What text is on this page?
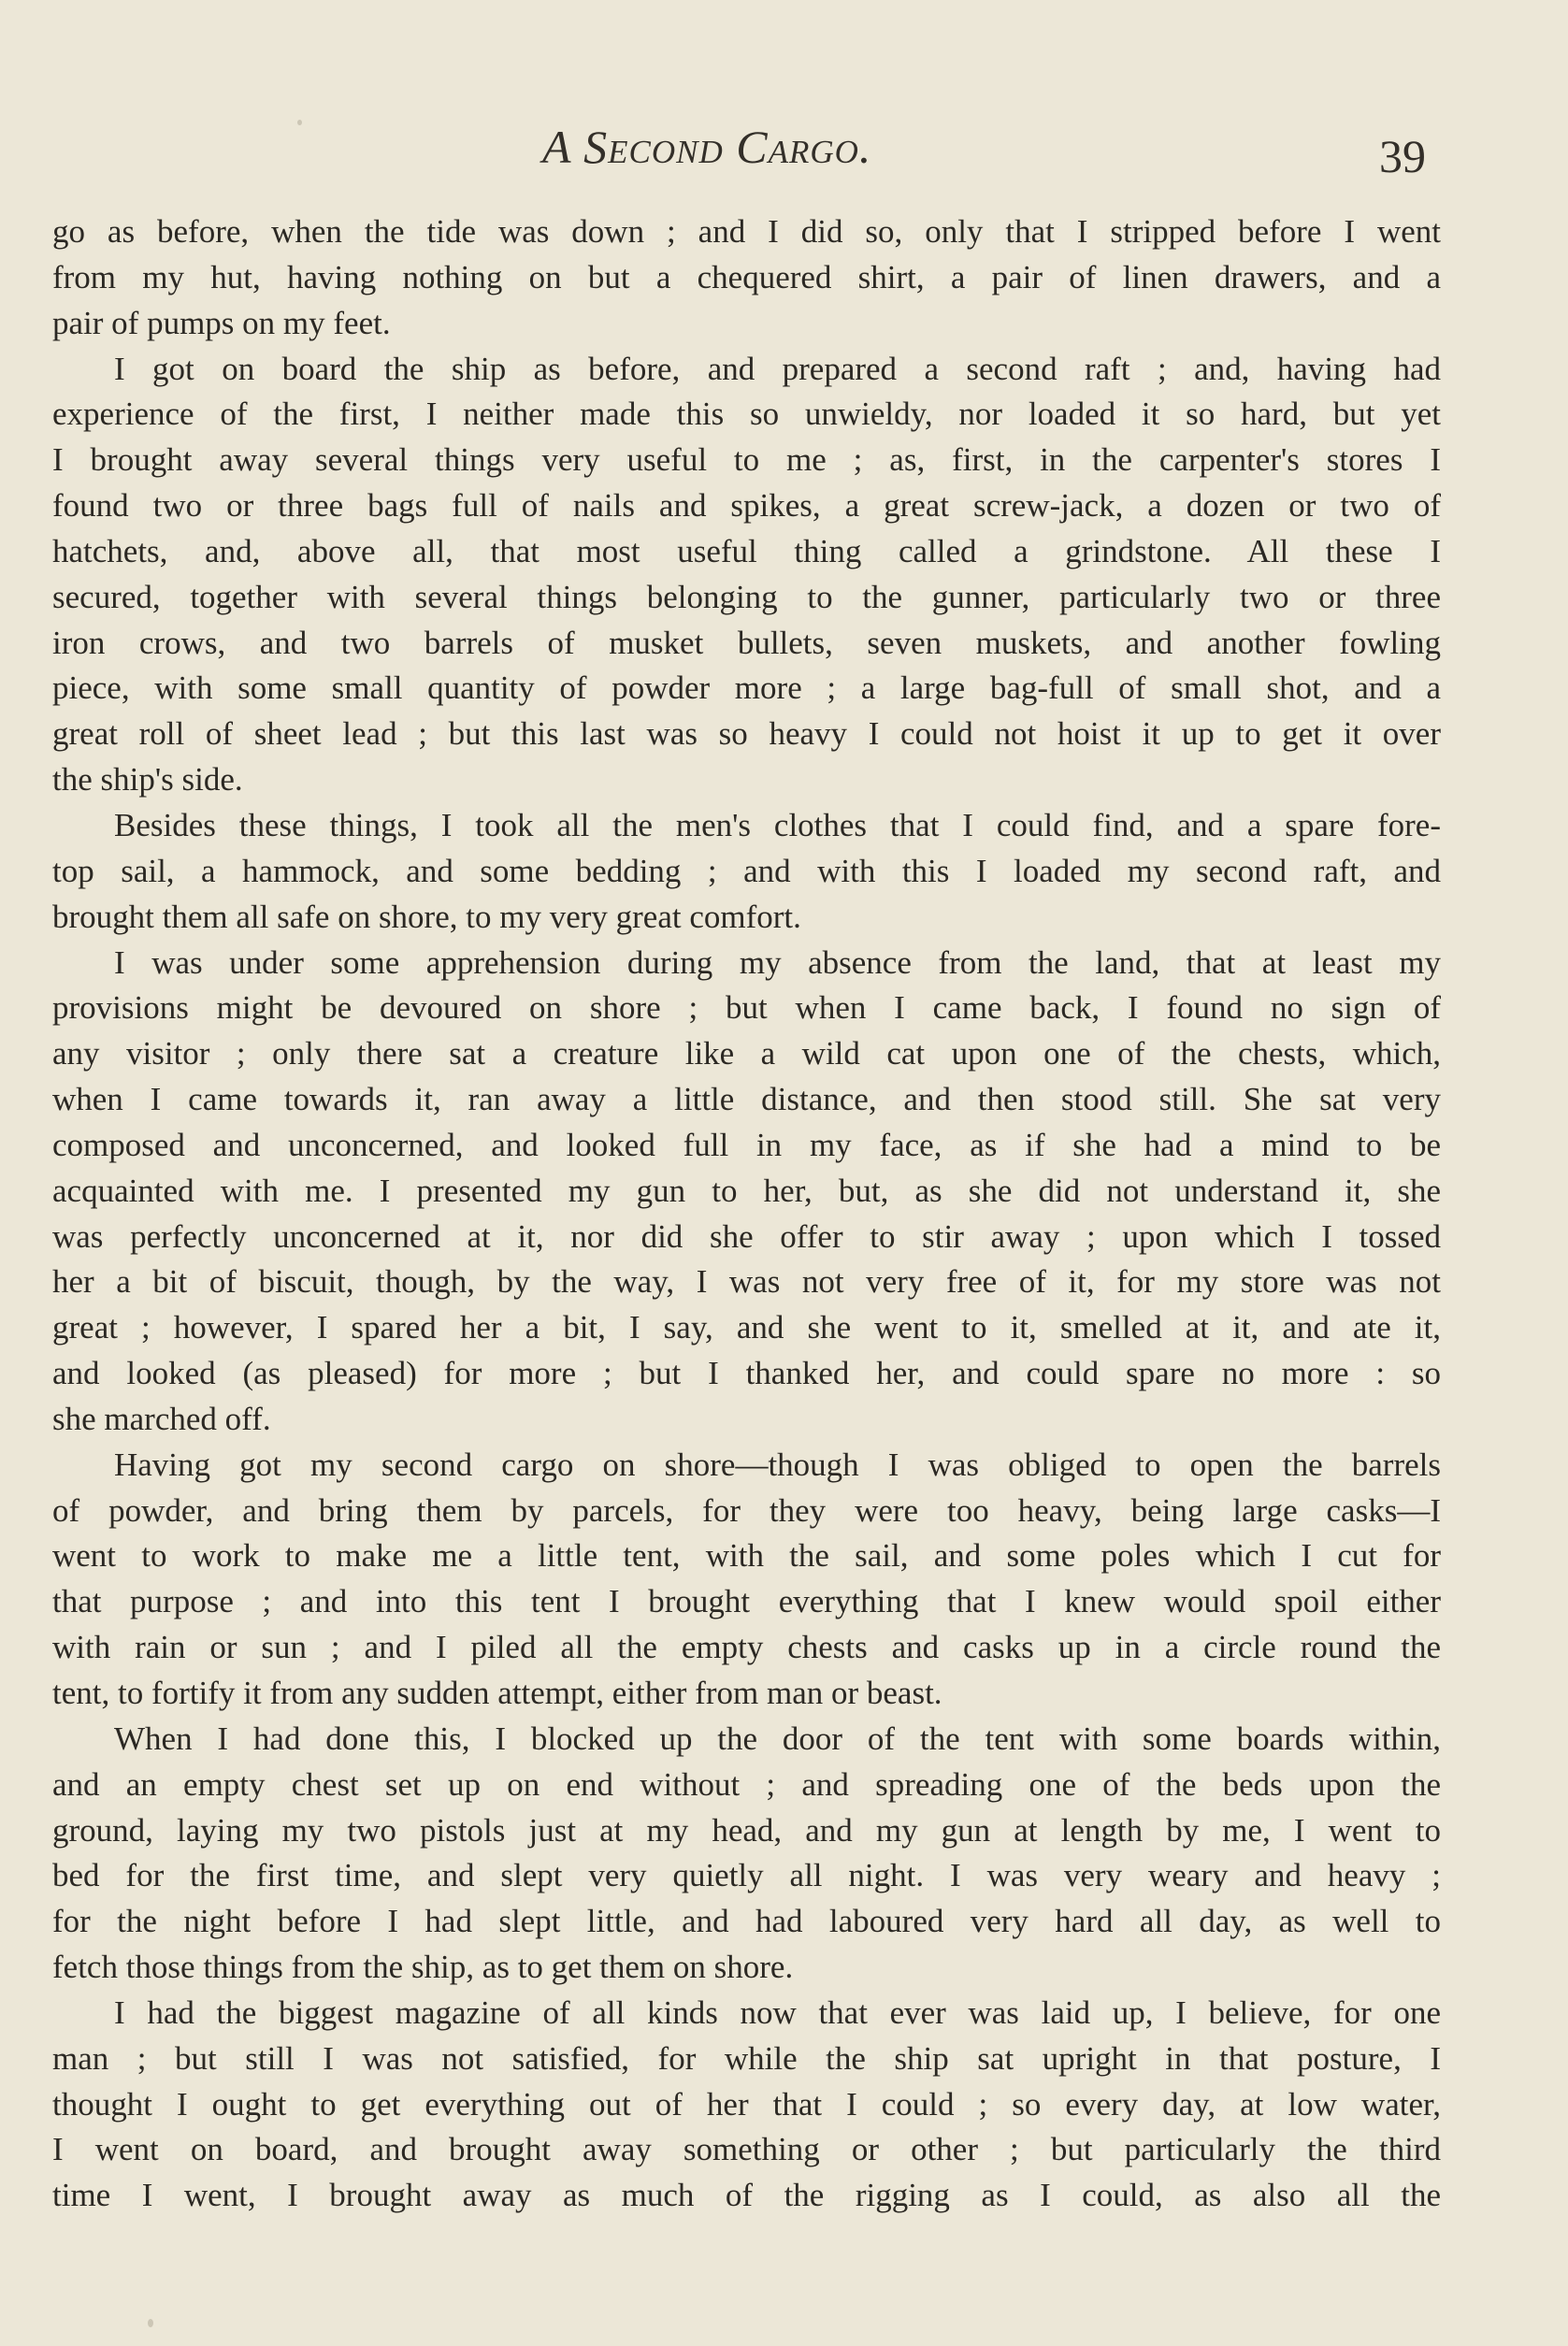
A Second Cargo.	39
go as before, when the tide was down ; and I did so, only that I stripped before I went
from my hut, having nothing on but a chequered shirt, a pair of linen drawers, and a
pair of pumps on my feet.
I got on board the ship as before, and prepared a second raft ; and, having had
experience of the first, I neither made this so unwieldy, nor loaded it so hard, but yet
I brought away several things very useful to me ; as, first, in the carpenter's stores I
found two or three bags full of nails and spikes, a great screw-jack, a dozen or two of
hatchets, and, above all, that most useful thing called a grindstone. All these I
secured, together with several things belonging to the gunner, particularly two or three
iron crows, and two barrels of musket bullets, seven muskets, and another fowling
piece, with some small quantity of powder more ; a large bag-full of small shot, and a
great roll of sheet lead ; but this last was so heavy I could not hoist it up to get it over
the ship's side.
Besides these things, I took all the men's clothes that I could find, and a spare fore-
top sail, a hammock, and some bedding ; and with this I loaded my second raft, and
brought them all safe on shore, to my very great comfort.
I was under some apprehension during my absence from the land, that at least my
provisions might be devoured on shore ; but when I came back, I found no sign of
any visitor ; only there sat a creature like a wild cat upon one of the chests, which,
when I came towards it, ran away a little distance, and then stood still. She sat very
composed and unconcerned, and looked full in my face, as if she had a mind to be
acquainted with me. I presented my gun to her, but, as she did not understand it, she
was perfectly unconcerned at it, nor did she offer to stir away ; upon which I tossed
her a bit of biscuit, though, by the way, I was not very free of it, for my store was not
great ; however, I spared her a bit, I say, and she went to it, smelled at it, and ate it,
and looked (as pleased) for more ; but I thanked her, and could spare no more : so
she marched off.
Having got my second cargo on shore—though I was obliged to open the barrels
of powder, and bring them by parcels, for they were too heavy, being large casks—I
went to work to make me a little tent, with the sail, and some poles which I cut for
that purpose ; and into this tent I brought everything that I knew would spoil either
with rain or sun ; and I piled all the empty chests and casks up in a circle round the
tent, to fortify it from any sudden attempt, either from man or beast.
When I had done this, I blocked up the door of the tent with some boards within,
and an empty chest set up on end without ; and spreading one of the beds upon the
ground, laying my two pistols just at my head, and my gun at length by me, I went to
bed for the first time, and slept very quietly all night. I was very weary and heavy ;
for the night before I had slept little, and had laboured very hard all day, as well to
fetch those things from the ship, as to get them on shore.
I had the biggest magazine of all kinds now that ever was laid up, I believe, for one
man ; but still I was not satisfied, for while the ship sat upright in that posture, I
thought I ought to get everything out of her that I could ; so every day, at low water,
I went on board, and brought away something or other ; but particularly the third
time I went, I brought away as much of the rigging as I could, as also all the
